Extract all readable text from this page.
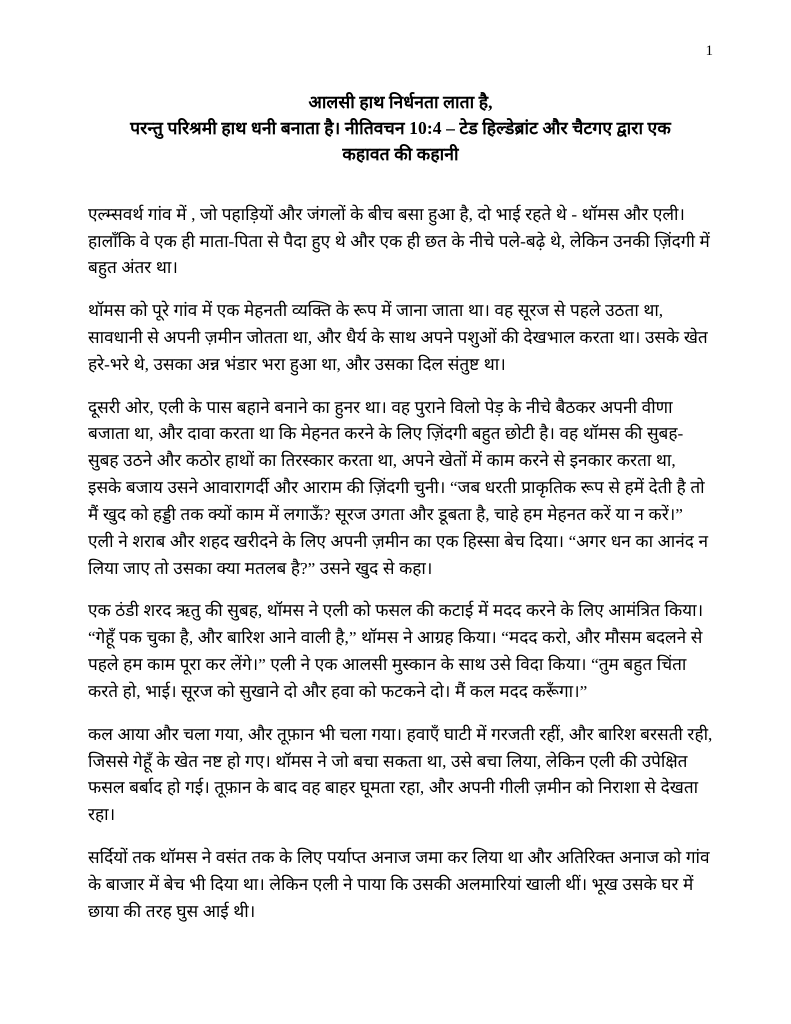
1
आलसी हाथ निर्धनता लाता है,
परन्तु परिश्रमी हाथ धनी बनाता है। नीतिवचन 10:4 – टेड हिल्डेब्रांट और चैटगए द्वारा एक
कहावत की कहानी

एल्म्सवर्थ गांव में , जो पहाड़ियों और जंगलों के बीच बसा हुआ है, दो भाई रहते थे - थॉमस और एली। हालाँकि वे एक ही माता-पिता से पैदा हुए थे और एक ही छत के नीचे पले-बढ़े थे, लेकिन उनकी ज़िंदगी में बहुत अंतर था।

थॉमस को पूरे गांव में एक मेहनती व्यक्ति के रूप में जाना जाता था। वह सूरज से पहले उठता था, सावधानी से अपनी ज़मीन जोतता था, और धैर्य के साथ अपने पशुओं की देखभाल करता था। उसके खेत हरे-भरे थे, उसका अन्न भंडार भरा हुआ था, और उसका दिल संतुष्ट था।

दूसरी ओर, एली के पास बहाने बनाने का हुनर था। वह पुराने विलो पेड़ के नीचे बैठकर अपनी वीणा बजाता था, और दावा करता था कि मेहनत करने के लिए ज़िंदगी बहुत छोटी है। वह थॉमस की सुबह-सुबह उठने और कठोर हाथों का तिरस्कार करता था, अपने खेतों में काम करने से इनकार करता था, इसके बजाय उसने आवारागर्दी और आराम की ज़िंदगी चुनी। “जब धरती प्राकृतिक रूप से हमें देती है तो मैं खुद को हड्डी तक क्यों काम में लगाऊँ? सूरज उगता और डूबता है, चाहे हम मेहनत करें या न करें।” एली ने शराब और शहद खरीदने के लिए अपनी ज़मीन का एक हिस्सा बेच दिया। “अगर धन का आनंद न लिया जाए तो उसका क्या मतलब है?” उसने खुद से कहा।

एक ठंडी शरद ऋतु की सुबह, थॉमस ने एली को फसल की कटाई में मदद करने के लिए आमंत्रित किया। “गेहूँ पक चुका है, और बारिश आने वाली है,” थॉमस ने आग्रह किया। “मदद करो, और मौसम बदलने से पहले हम काम पूरा कर लेंगे।” एली ने एक आलसी मुस्कान के साथ उसे विदा किया। “तुम बहुत चिंता करते हो, भाई। सूरज को सुखाने दो और हवा को फटकने दो। मैं कल मदद करूँगा।”

कल आया और चला गया, और तूफ़ान भी चला गया। हवाएँ घाटी में गरजती रहीं, और बारिश बरसती रही, जिससे गेहूँ के खेत नष्ट हो गए। थॉमस ने जो बचा सकता था, उसे बचा लिया, लेकिन एली की उपेक्षित फसल बर्बाद हो गई। तूफ़ान के बाद वह बाहर घूमता रहा, और अपनी गीली ज़मीन को निराशा से देखता रहा।

सर्दियों तक थॉमस ने वसंत तक के लिए पर्याप्त अनाज जमा कर लिया था और अतिरिक्त अनाज को गांव के बाजार में बेच भी दिया था। लेकिन एली ने पाया कि उसकी अलमारियां खाली थीं। भूख उसके घर में छाया की तरह घुस आई थी।
